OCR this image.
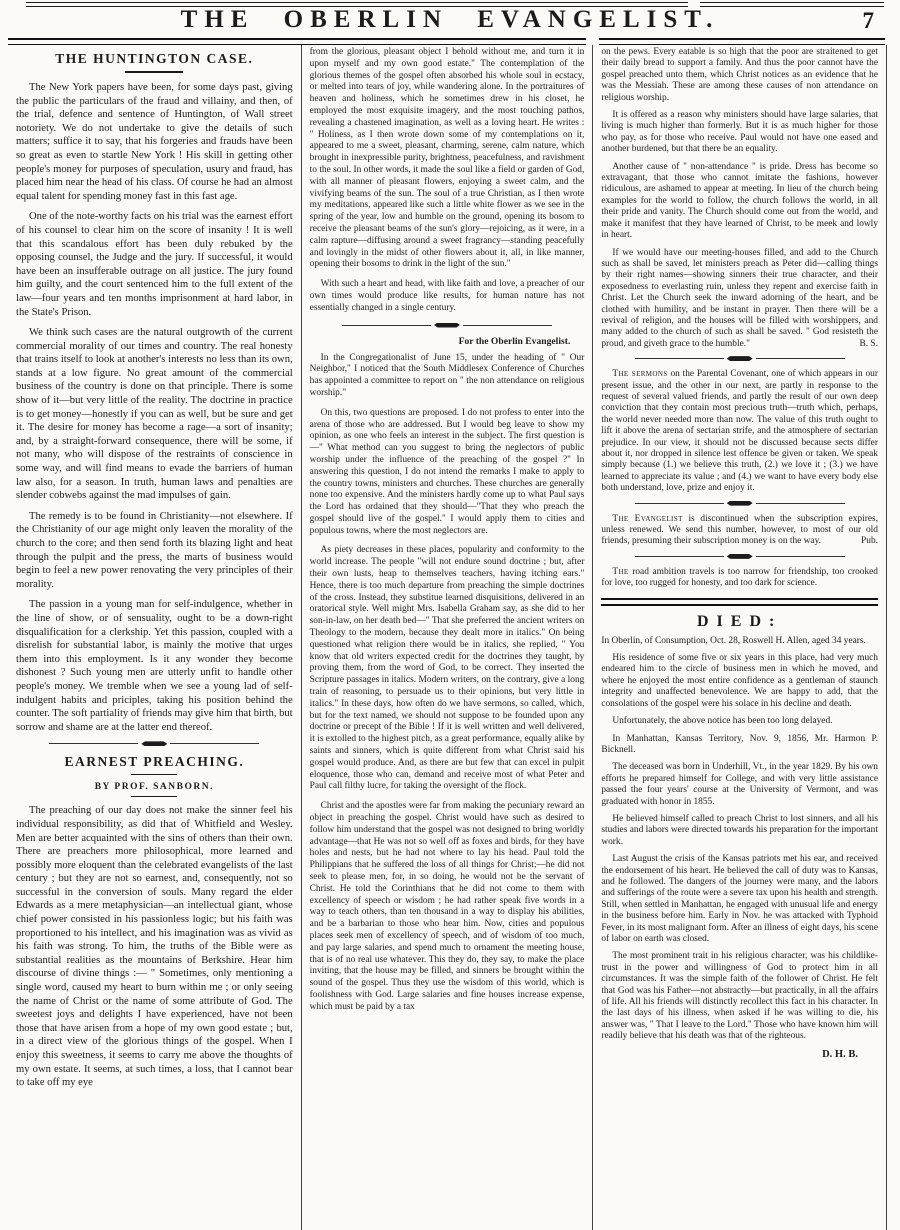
THE OBERLIN EVANGELIST.	7
THE HUNTINGTON CASE.

The New York papers have been, for some days past, giving the public the particulars of the fraud and villainy, and then, of the trial, defence and sentence of Huntington, of Wall street notoriety. We do not undertake to give the details of such matters; suffice it to say, that his forgeries and frauds have been so great as even to startle New York ! His skill in getting other people's money for purposes of speculation, usury and fraud, has placed him near the head of his class. Of course he had an almost equal talent for spending money fast in this fast age.

One of the note-worthy facts on his trial was the earnest effort of his counsel to clear him on the score of insanity ! It is well that this scandalous effort has been duly rebuked by the opposing counsel, the Judge and the jury. If successful, it would have been an insufferable outrage on all justice. The jury found him guilty, and the court sentenced him to the full extent of the law—four years and ten months imprisonment at hard labor, in the State's Prison.

We think such cases are the natural outgrowth of the current commercial morality of our times and country. The real honesty that trains itself to look at another's interests no less than its own, stands at a low figure. No great amount of the commercial business of the country is done on that principle. There is some show of it—but very little of the reality. The doctrine in practice is to get money—honestly if you can as well, but be sure and get it. The desire for money has become a rage—a sort of insanity; and, by a straight-forward consequence, there will be some, if not many, who will dispose of the restraints of conscience in some way, and will find means to evade the barriers of human law also, for a season. In truth, human laws and penalties are slender cobwebs against the mad impulses of gain.

The remedy is to be found in Christianity—not elsewhere. If the Christianity of our age might only leaven the morality of the church to the core; and then send forth its blazing light and heat through the pulpit and the press, the marts of business would begin to feel a new power renovating the very principles of their morality.

The passion in a young man for self-indulgence, whether in the line of show, or of sensuality, ought to be a down-right disqualification for a clerkship. Yet this passion, coupled with a disrelish for substantial labor, is mainly the motive that urges them into this employment. Is it any wonder they become dishonest ? Such young men are utterly unfit to handle other people's money. We tremble when we see a young lad of self-indulgent habits and priciples, taking his position behind the counter. The soft partiality of friends may give him that birth, but sorrow and shame are at the latter end thereof.

EARNEST PREACHING.
BY PROF. SANBORN.

The preaching of our day does not make the sinner feel his individual responsibility, as did that of Whitfield and Wesley. Men are better acquainted with the sins of others than their own. There are preachers more philosophical, more learned and possibly more eloquent than the celebrated evangelists of the last century ; but they are not so earnest, and, consequently, not so successful in the conversion of souls. Many regard the elder Edwards as a mere metaphysician—an intellectual giant, whose chief power consisted in his passionless logic; but his faith was proportioned to his intellect, and his imagination was as vivid as his faith was strong. To him, the truths of the Bible were as substantial realities as the mountains of Berkshire. Hear him discourse of divine things :— " Sometimes, only mentioning a single word, caused my heart to burn within me ; or only seeing the name of Christ or the name of some attribute of God. The sweetest joys and delights I have experienced, have not been those that have arisen from a hope of my own good estate ; but, in a direct view of the glorious things of the gospel. When I enjoy this sweetness, it seems to carry me above the thoughts of my own estate. It seems, at such times, a loss, that I cannot bear to take off my eye

from the glorious, pleasant object I behold without me, and turn it in upon myself and my own good estate." The contemplation of the glorious themes of the gospel often absorbed his whole soul in ecstacy, or melted into tears of joy, while wandering alone. In the portraitures of heaven and holiness, which he sometimes drew in his closet, he employed the most exquisite imagery, and the most touching pathos, revealing a chastened imagination, as well as a loving heart. He writes : " Holiness, as I then wrote down some of my contemplations on it, appeared to me a sweet, pleasant, charming, serene, calm nature, which brought in inexpressible purity, brightness, peacefulness, and ravishment to the soul. In other words, it made the soul like a field or garden of God, with all manner of pleasant flowers, enjoying a sweet calm, and the vivifying beams of the sun. The soul of a true Christian, as I then wrote my meditations, appeared like such a little white flower as we see in the spring of the year, low and humble on the ground, opening its bosom to receive the pleasant beams of the sun's glory—rejoicing, as it were, in a calm rapture—diffusing around a sweet fragrancy—standing peacefully and lovingly in the midst of other flowers about it, all, in like manner, opening their bosoms to drink in the light of the sun."

With such a heart and head, with like faith and love, a preacher of our own times would produce like results, for human nature has not essentially changed in a single century.

For the Oberlin Evangelist.

In the Congregationalist of June 15, under the heading of " Our Neighbor," I noticed that the South Middlesex Conference of Churches has appointed a committee to report on " the non attendance on religious worship."

On this, two questions are proposed. I do not profess to enter into the arena of those who are addressed. But I would beg leave to show my opinion, as one who feels an interest in the subject. The first question is—" What method can you suggest to bring the neglectors of public worship under the influence of the preaching of the gospel ?" In answering this question, I do not intend the remarks I make to apply to the country towns, ministers and churches. These churches are generally none too expensive. And the ministers hardly come up to what Paul says the Lord has ordained that they should—"That they who preach the gospel should live of the gospel." I would apply them to cities and populous towns, where the most neglectors are.

As piety decreases in these places, popularity and conformity to the world increase. The people "will not endure sound doctrine ; but, after their own lusts, heap to themselves teachers, having itching ears." Hence, there is too much departure from preaching the simple doctrines of the cross. Instead, they substitue learned disquisitions, delivered in an oratorical style. Well might Mrs. Isabella Graham say, as she did to her son-in-law, on her death bed—" That she preferred the ancient writers on Theology to the modern, because they dealt more in italics." On being questioned what religion there would be in italics, she replied, " You know that old writers expected credit for the doctrines they taught, by proving them, from the word of God, to be correct. They inserted the Scripture passages in italics. Modern writers, on the contrary, give a long train of reasoning, to persuade us to their opinions, but very little in italics." In these days, how often do we have sermons, so called, which, but for the text named, we should not suppose to be founded upon any doctrine or precept of the Bible ! If it is well written and well delivered, it is extolled to the highest pitch, as a great performance, equally alike by saints and sinners, which is quite different from what Christ said his gospel would produce. And, as there are but few that can excel in pulpit eloquence, those who can, demand and receive most of what Peter and Paul call filthy lucre, for taking the oversight of the flock.

Christ and the apostles were far from making the pecuniary reward an object in preaching the gospel. Christ would have such as desired to follow him understand that the gospel was not designed to bring worldly advantage—that He was not so well off as foxes and birds, for they have holes and nests, but he had not where to lay his head. Paul told the Philippians that he suffered the loss of all things for Christ;—he did not seek to please men, for, in so doing, he would not be the servant of Christ. He told the Corinthians that he did not come to them with excellency of speech or wisdom ; he had rather speak five words in a way to teach others, than ten thousand in a way to display his abilities, and be a barbarian to those who hear him. Now, cities and populous places seek men of excellency of speech, and of wisdom of too much, and pay large salaries, and spend much to ornament the meeting house, that is of no real use whatever. This they do, they say, to make the place inviting, that the house may be filled, and sinners be brought within the sound of the gospel. Thus they use the wisdom of this world, which is foolishness with God. Large salaries and fine houses increase expense, which must be paid by a tax

on the pews. Every eatable is so high that the poor are straitened to get their daily bread to support a family. And thus the poor cannot have the gospel preached unto them, which Christ notices as an evidence that he was the Messiah. These are among these causes of non attendance on religious worship.

It is offered as a reason why ministers should have large salaries, that living is much higher than formerly. But it is as much higher for those who pay, as for those who receive. Paul would not have one eased and another burdened, but that there be an equality.

Another cause of " non-attendance " is pride. Dress has become so extravagant, that those who cannot imitate the fashions, however ridiculous, are ashamed to appear at meeting. In lieu of the church being examples for the world to follow, the church follows the world, in all their pride and vanity. The Church should come out from the world, and make it manifest that they have learned of Christ, to be meek and lowly in heart.

If we would have our meeting-houses filled, and add to the Church such as shall be saved, let ministers preach as Peter did—calling things by their right names—showing sinners their true character, and their exposedness to everlasting ruin, unless they repent and exercise faith in Christ. Let the Church seek the inward adorning of the heart, and be clothed with humility, and be instant in prayer. Then there will be a revival of religion, and the houses will be filled with worshippers, and many added to the church of such as shall be saved. " God resisteth the proud, and giveth grace to the humble."	B. S.

The sermons on the Parental Covenant, one of which appears in our present issue, and the other in our next, are partly in response to the request of several valued friends, and partly the result of our own deep conviction that they contain most precious truth—truth which, perhaps, the world never needed more than now. The value of this truth ought to lift it above the arena of sectarian strife, and the atmosphere of sectarian prejudice. In our view, it should not be discussed because sects differ about it, nor dropped in silence lest offence be given or taken. We speak simply because (1.) we believe this truth, (2.) we love it ; (3.) we have learned to appreciate its value ; and (4.) we want to have every body else both understand, love, prize and enjoy it.

The Evangelist is discontinued when the subscription expires, unless renewed. We send this number, however, to most of our old friends, presuming their subscription money is on the way.	Pub.

The road ambition travels is too narrow for friendship, too crooked for love, too rugged for honesty, and too dark for science.

DIED:

In Oberlin, of Consumption, Oct. 28, Roswell H. Allen, aged 34 years.

His residence of some five or six years in this place, had very much endeared him to the circle of business men in which he moved, and where he enjoyed the most entire confidence as a gentleman of staunch integrity and unaffected benevolence. We are happy to add, that the consolations of the gospel were his solace in his decline and death.

Unfortunately, the above notice has been too long delayed.

In Manhattan, Kansas Territory, Nov. 9, 1856, Mr. Harmon P. Bicknell.

The deceased was born in Underhill, Vt., in the year 1829. By his own efforts he prepared himself for College, and with very little assistance passed the four years' course at the University of Vermont, and was graduated with honor in 1855.

He believed himself called to preach Christ to lost sinners, and all his studies and labors were directed towards his preparation for the important work.

Last August the crisis of the Kansas patriots met his ear, and received the endorsement of his heart. He believed the call of duty was to Kansas, and he followed. The dangers of the journey were many, and the labors and sufferings of the route were a severe tax upon his health and strength. Still, when settled in Manhattan, he engaged with unusual life and energy in the business before him. Early in Nov. he was attacked with Typhoid Fever, in its most malignant form. After an illness of eight days, his scene of labor on earth was closed.

The most prominent trait in his religious character, was his childlike-trust in the power and willingness of God to protect him in all circumstances. It was the simple faith of the follower of Christ. He felt that God was his Father—not abstractly—but practically, in all the affairs of life. All his friends will distinctly recollect this fact in his character. In the last days of his illness, when asked if he was willing to die, his answer was, " That I leave to the Lord." Those who have known him will readily believe that his death was that of the righteous.

D. H. B.
